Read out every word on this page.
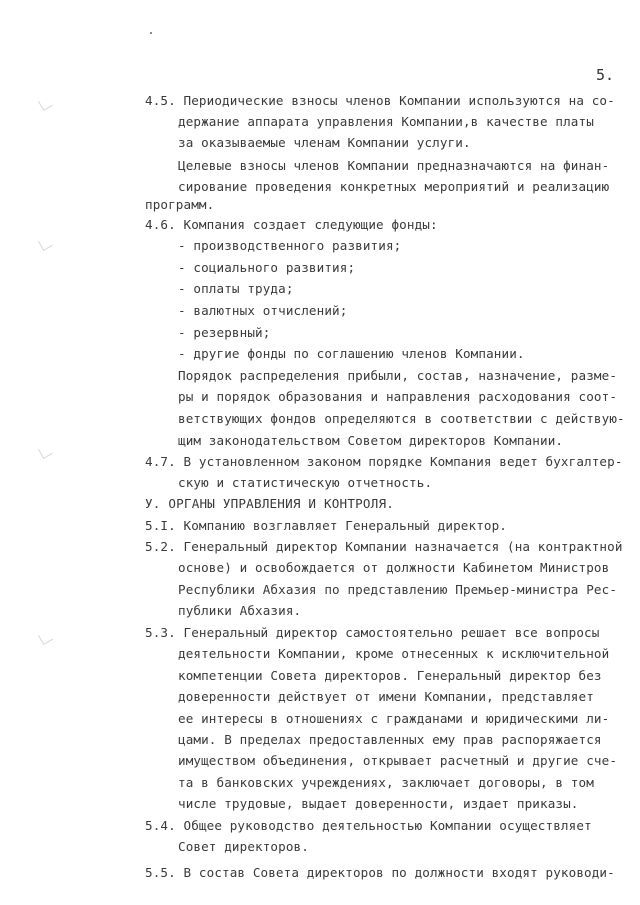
5.
4.5. Периодические взносы членов Компании используются на со-
держание аппарата управления Компании,в качестве платы
за оказываемые членам Компании услуги.
Целевые взносы членов Компании предназначаются на финан-
сирование проведения конкретных мероприятий и реализацию
программ.
4.6. Компания создает следующие фонды:
- производственного развития;
- социального развития;
- оплаты труда;
- валютных отчислений;
- резервный;
- другие фонды по соглашению членов Компании.
Порядок распределения прибыли, состав, назначение, разме-
ры и порядок образования и направления расходования соот-
ветствующих фондов определяются в соответствии с действую-
щим законодательством Советом директоров Компании.
4.7. В установленном законом порядке Компания ведет бухгалтер-
скую и статистическую отчетность.
У. ОРГАНЫ УПРАВЛЕНИЯ И КОНТРОЛЯ.
5.I. Компанию возглавляет Генеральный директор.
5.2. Генеральный директор Компании назначается (на контрактной
основе) и освобождается от должности Кабинетом Министров
Республики Абхазия по представлению Премьер-министра Рес-
публики Абхазия.
5.3. Генеральный директор самостоятельно решает все вопросы
деятельности Компании, кроме отнесенных к исключительной
компетенции Совета директоров. Генеральный директор без
доверенности действует от имени Компании, представляет
ее интересы в отношениях с гражданами и юридическими ли-
цами. В пределах предоставленных ему прав распоряжается
имуществом объединения, открывает расчетный и другие сче-
та в банковских учреждениях, заключает договоры, в том
числе трудовые, выдает доверенности, издает приказы.
5.4. Общее руководство деятельностью Компании осуществляет
Совет директоров.
5.5. В состав Совета директоров по должности входят руководи-
